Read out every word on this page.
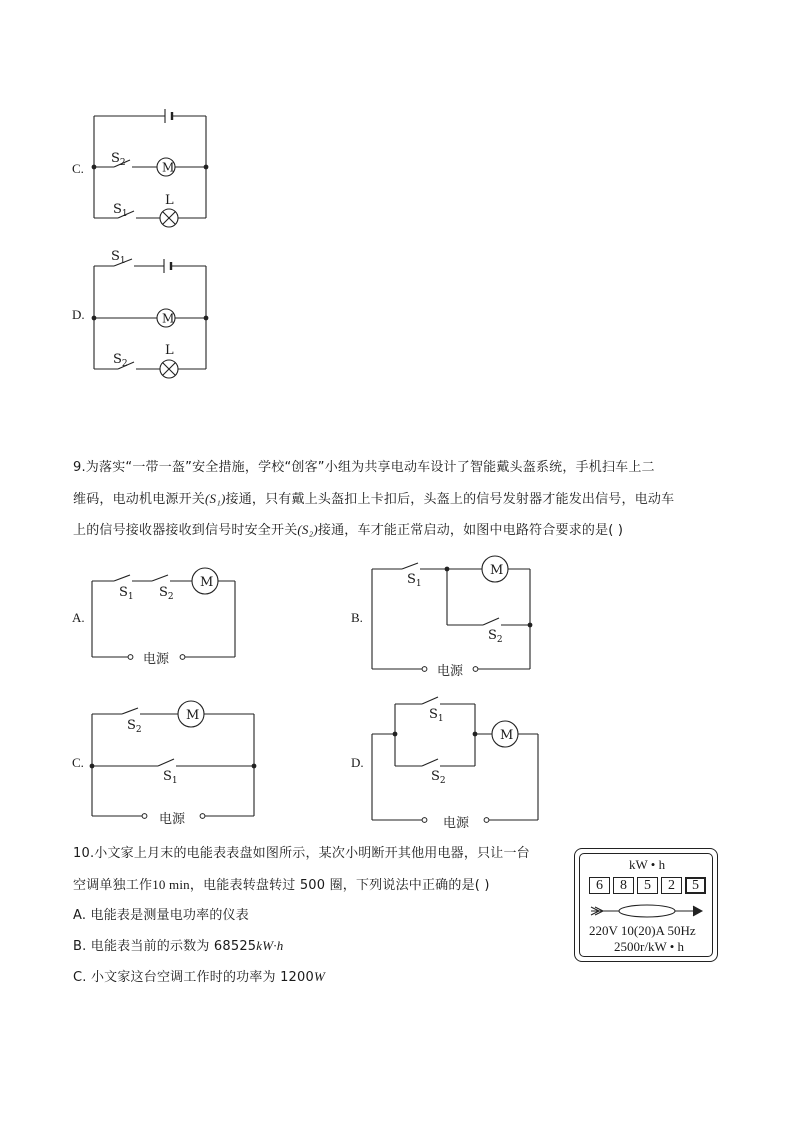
C.
$S_2$	M
$S_1$
L
D.
$S_1$
M
$S_2$
L
9.为落实“一带一盔”安全措施，学校“创客”小组为共享电动车设计了智能戴头盔系统，手机扫车上二
维码，电动机电源开关(S₁)接通，只有戴上头盔扣上卡扣后，头盔上的信号发射器才能发出信号，电动车
上的信号接收器接收到信号时安全开关(S₂)接通，车才能正常启动，如图中电路符合要求的是( )
A.
$S_1$ $S_2$
M
电源
B.
$S_1$
$S_2$
M
电源
C.
$S_2$
$S_1$
M
电源
D.
$S_1$
$S_2$
M
电源
10.小文家上月末的电能表表盘如图所示，某次小明断开其他用电器，只让一台
空调单独工作10 min，电能表转盘转过 500 圈，下列说法中正确的是( )
A. 电能表是测量电功率的仪表
B. 电能表当前的示数为 68525kW·h
C. 小文家这台空调工作时的功率为 1200W
kW • h
6	8	5	2	5
220V 10(20)A 50Hz
2500r/kW • h
